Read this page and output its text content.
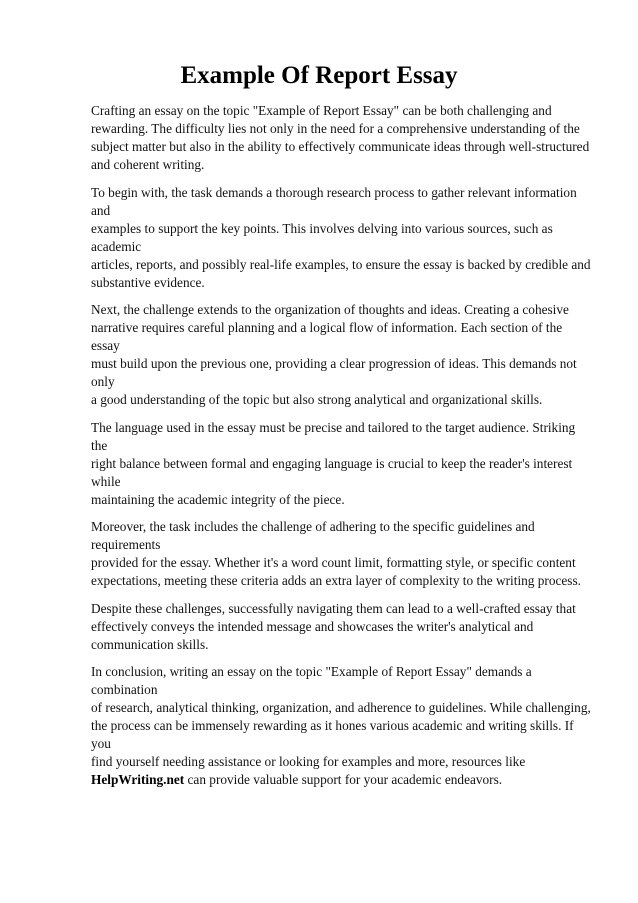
Example Of Report Essay

Crafting an essay on the topic "Example of Report Essay" can be both challenging and
rewarding. The difficulty lies not only in the need for a comprehensive understanding of the
subject matter but also in the ability to effectively communicate ideas through well-structured
and coherent writing.

To begin with, the task demands a thorough research process to gather relevant information and
examples to support the key points. This involves delving into various sources, such as academic
articles, reports, and possibly real-life examples, to ensure the essay is backed by credible and
substantive evidence.

Next, the challenge extends to the organization of thoughts and ideas. Creating a cohesive
narrative requires careful planning and a logical flow of information. Each section of the essay
must build upon the previous one, providing a clear progression of ideas. This demands not only
a good understanding of the topic but also strong analytical and organizational skills.

The language used in the essay must be precise and tailored to the target audience. Striking the
right balance between formal and engaging language is crucial to keep the reader's interest while
maintaining the academic integrity of the piece.

Moreover, the task includes the challenge of adhering to the specific guidelines and requirements
provided for the essay. Whether it's a word count limit, formatting style, or specific content
expectations, meeting these criteria adds an extra layer of complexity to the writing process.

Despite these challenges, successfully navigating them can lead to a well-crafted essay that
effectively conveys the intended message and showcases the writer's analytical and
communication skills.

In conclusion, writing an essay on the topic "Example of Report Essay" demands a combination
of research, analytical thinking, organization, and adherence to guidelines. While challenging,
the process can be immensely rewarding as it hones various academic and writing skills. If you
find yourself needing assistance or looking for examples and more, resources like
HelpWriting.net can provide valuable support for your academic endeavors.
